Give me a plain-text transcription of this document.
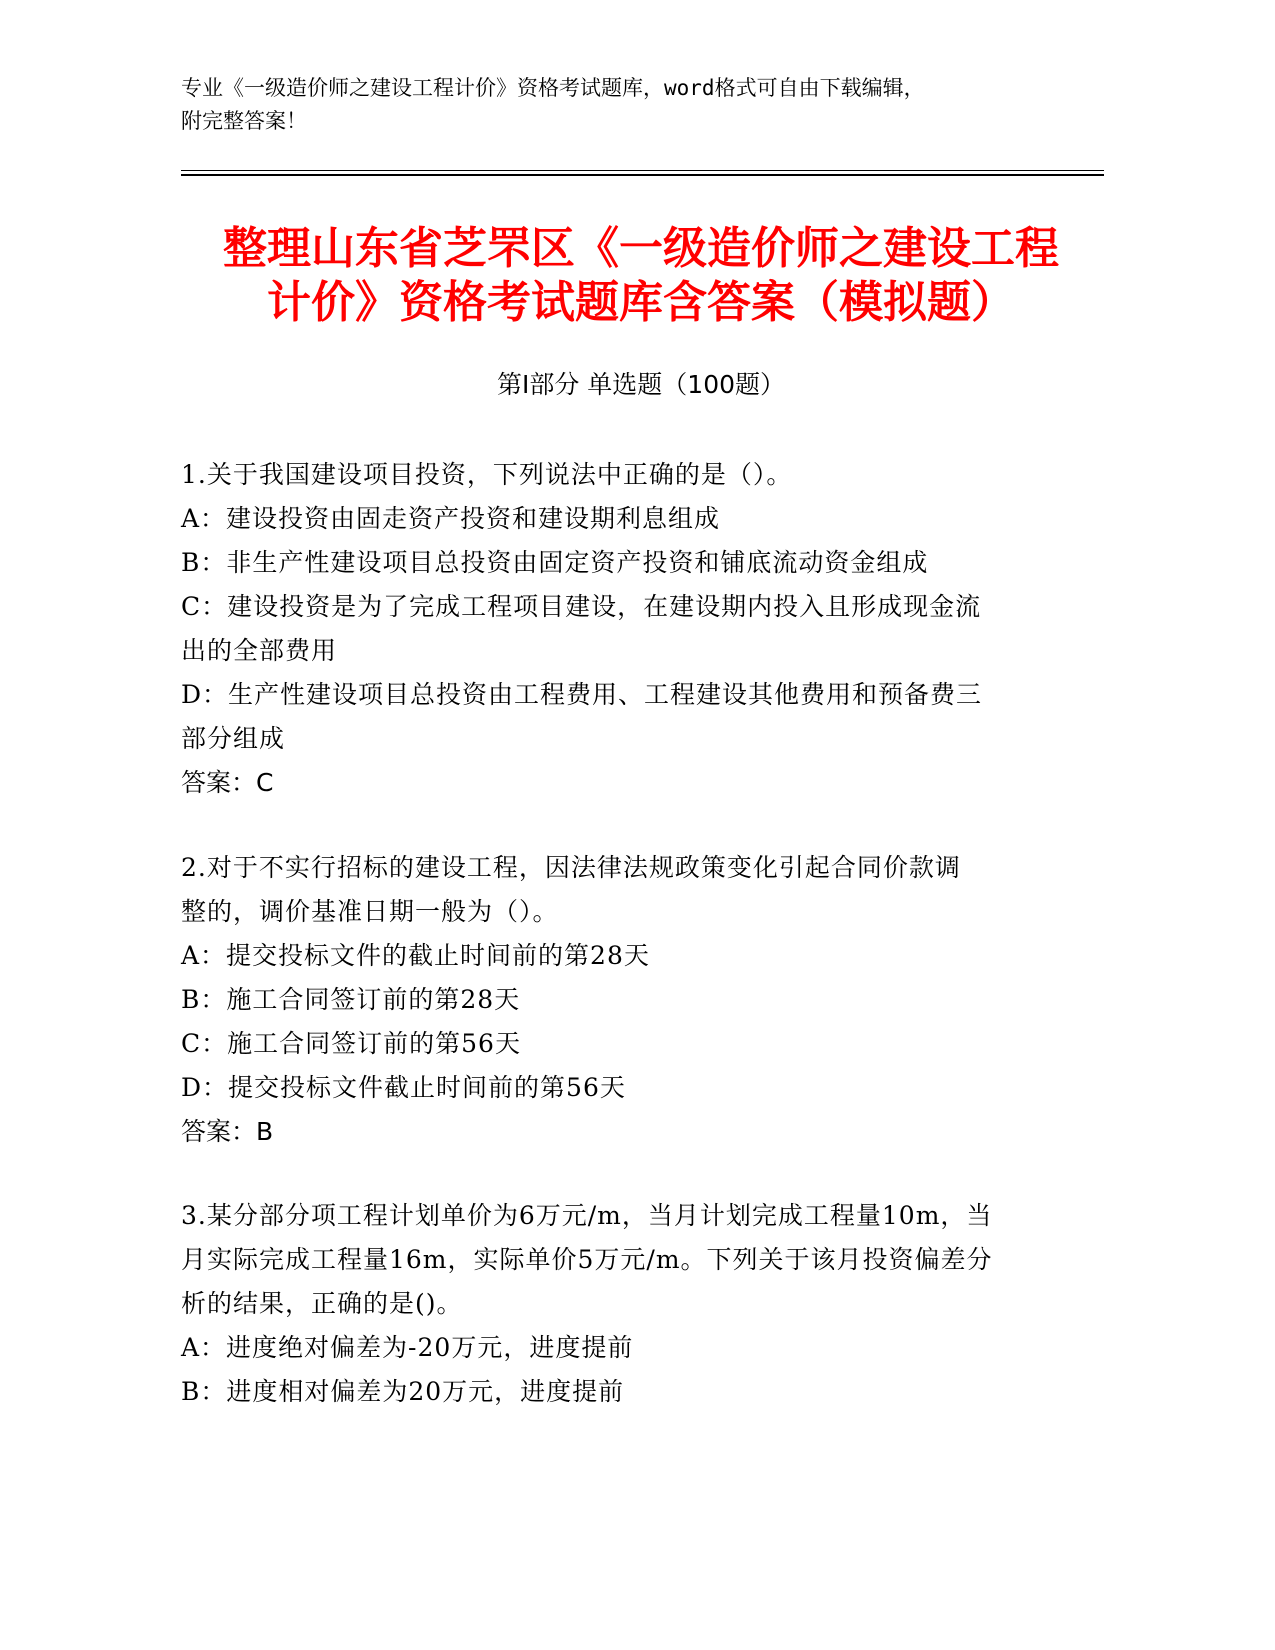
专业《一级造价师之建设工程计价》资格考试题库，word格式可自由下载编辑，
附完整答案！
整理山东省芝罘区《一级造价师之建设工程
计价》资格考试题库含答案（模拟题）
第Ⅰ部分 单选题（100题）
1.关于我国建设项目投资，下列说法中正确的是（）。
A：建设投资由固走资产投资和建设期利息组成
B：非生产性建设项目总投资由固定资产投资和铺底流动资金组成
C：建设投资是为了完成工程项目建设，在建设期内投入且形成现金流
出的全部费用
D：生产性建设项目总投资由工程费用、工程建设其他费用和预备费三
部分组成
答案：C
2.对于不实行招标的建设工程，因法律法规政策变化引起合同价款调
整的，调价基准日期一般为（）。
A：提交投标文件的截止时间前的第28天
B：施工合同签订前的第28天
C：施工合同签订前的第56天
D：提交投标文件截止时间前的第56天
答案：B
3.某分部分项工程计划单价为6万元/m，当月计划完成工程量10m，当
月实际完成工程量16m，实际单价5万元/m。下列关于该月投资偏差分
析的结果，正确的是()。
A：进度绝对偏差为-20万元，进度提前
B：进度相对偏差为20万元，进度提前
